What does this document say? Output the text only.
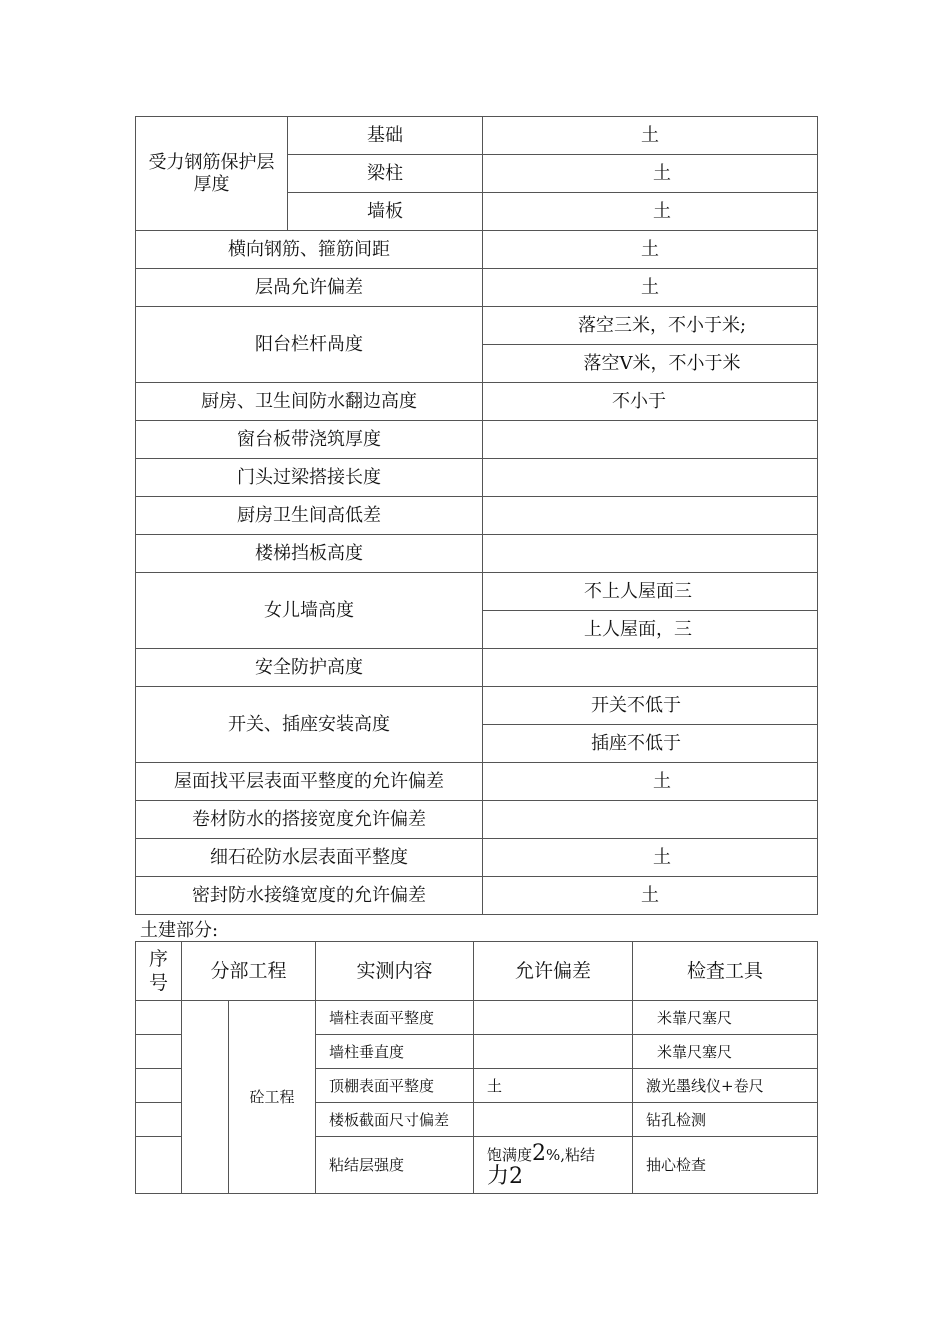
受力钢筋保护层厚度	基础	土
	梁柱	土
	墙板	土
横向钢筋、箍筋间距		土
层咼允许偏差		土
阳台栏杆咼度		落空三米，不小于米;
		落空V米，不小于米
厨房、卫生间防水翻边高度		不小于
窗台板带浇筑厚度		
门头过梁搭接长度		
厨房卫生间高低差		
楼梯挡板高度		
女儿墙高度		不上人屋面三
		上人屋面，三
安全防护高度		
开关、插座安装高度		开关不低于
		插座不低于
屋面找平层表面平整度的允许偏差		土
卷材防水的搭接宽度允许偏差		
细石砼防水层表面平整度		土
密封防水接缝宽度的允许偏差		土
土建部分:
序号	分部工程		实测内容	允许偏差	检査工具
		砼工程	墙柱表面平整度		米靠尺塞尺
			墙柱垂直度		米靠尺塞尺
			顶棚表面平整度	土	激光墨线仪+卷尺
			楼板截面尺寸偏差		钻孔检测
			粘结层强度	饱满度2%,粘结
力2	抽心检查
